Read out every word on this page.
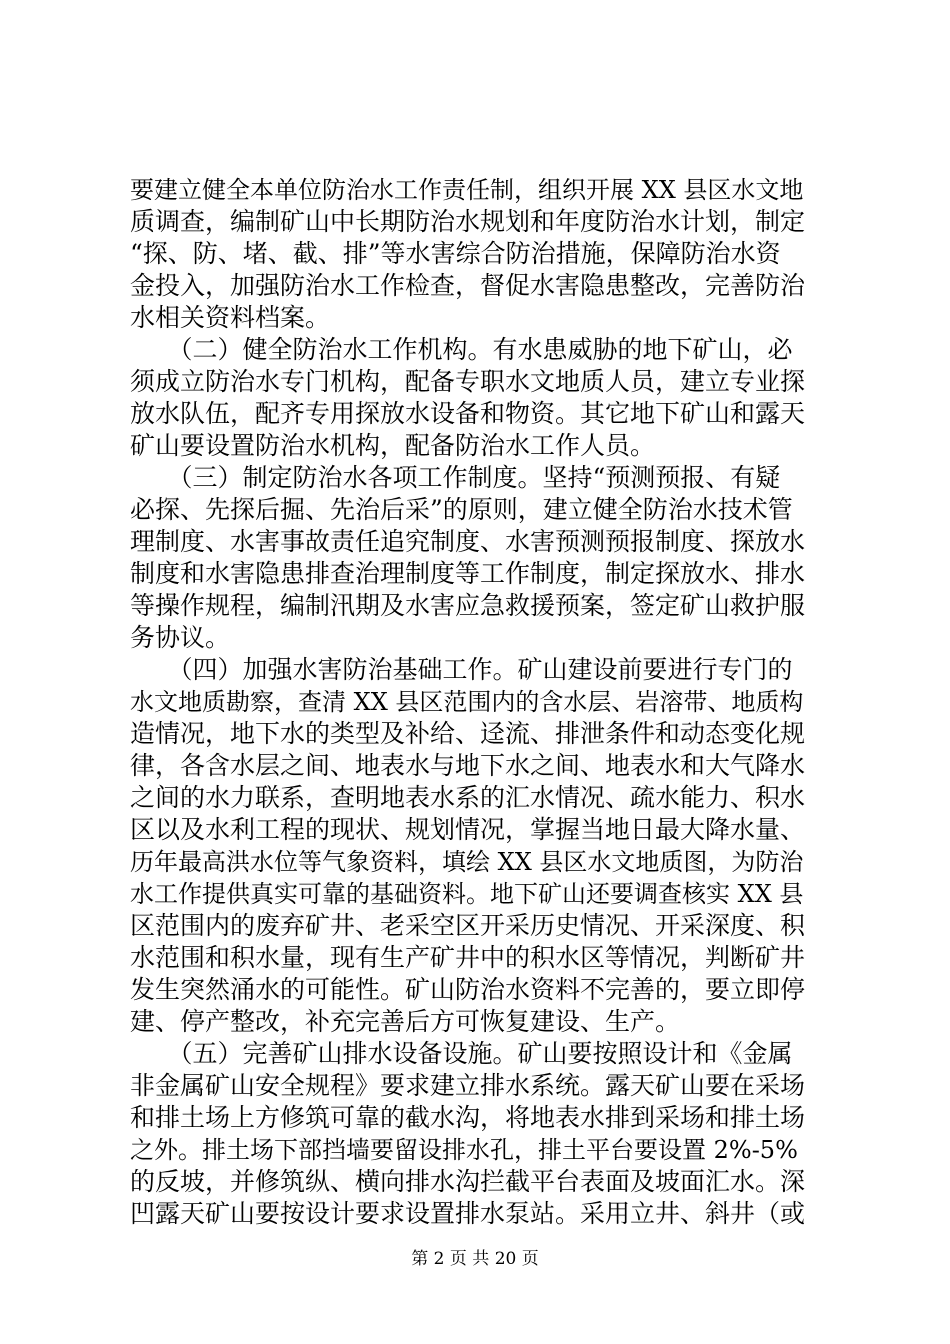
要建立健全本单位防治水工作责任制，组织开展 XX 县区水文地
质调查，编制矿山中长期防治水规划和年度防治水计划，制定
“探、防、堵、截、排”等水害综合防治措施，保障防治水资
金投入，加强防治水工作检查，督促水害隐患整改，完善防治
水相关资料档案。
　　（二）健全防治水工作机构。有水患威胁的地下矿山，必
须成立防治水专门机构，配备专职水文地质人员，建立专业探
放水队伍，配齐专用探放水设备和物资。其它地下矿山和露天
矿山要设置防治水机构，配备防治水工作人员。
　　（三）制定防治水各项工作制度。坚持“预测预报、有疑
必探、先探后掘、先治后采”的原则，建立健全防治水技术管
理制度、水害事故责任追究制度、水害预测预报制度、探放水
制度和水害隐患排查治理制度等工作制度，制定探放水、排水
等操作规程，编制汛期及水害应急救援预案，签定矿山救护服
务协议。
　　（四）加强水害防治基础工作。矿山建设前要进行专门的
水文地质勘察，查清 XX 县区范围内的含水层、岩溶带、地质构
造情况，地下水的类型及补给、迳流、排泄条件和动态变化规
律，各含水层之间、地表水与地下水之间、地表水和大气降水
之间的水力联系，查明地表水系的汇水情况、疏水能力、积水
区以及水利工程的现状、规划情况，掌握当地日最大降水量、
历年最高洪水位等气象资料，填绘 XX 县区水文地质图，为防治
水工作提供真实可靠的基础资料。地下矿山还要调查核实 XX 县
区范围内的废弃矿井、老采空区开采历史情况、开采深度、积
水范围和积水量，现有生产矿井中的积水区等情况，判断矿井
发生突然涌水的可能性。矿山防治水资料不完善的，要立即停
建、停产整改，补充完善后方可恢复建设、生产。
　　（五）完善矿山排水设备设施。矿山要按照设计和《金属
非金属矿山安全规程》要求建立排水系统。露天矿山要在采场
和排土场上方修筑可靠的截水沟，将地表水排到采场和排土场
之外。排土场下部挡墙要留设排水孔，排土平台要设置 2%-5%
的反坡，并修筑纵、横向排水沟拦截平台表面及坡面汇水。深
凹露天矿山要按设计要求设置排水泵站。采用立井、斜井（或
第 2 页 共 20 页
